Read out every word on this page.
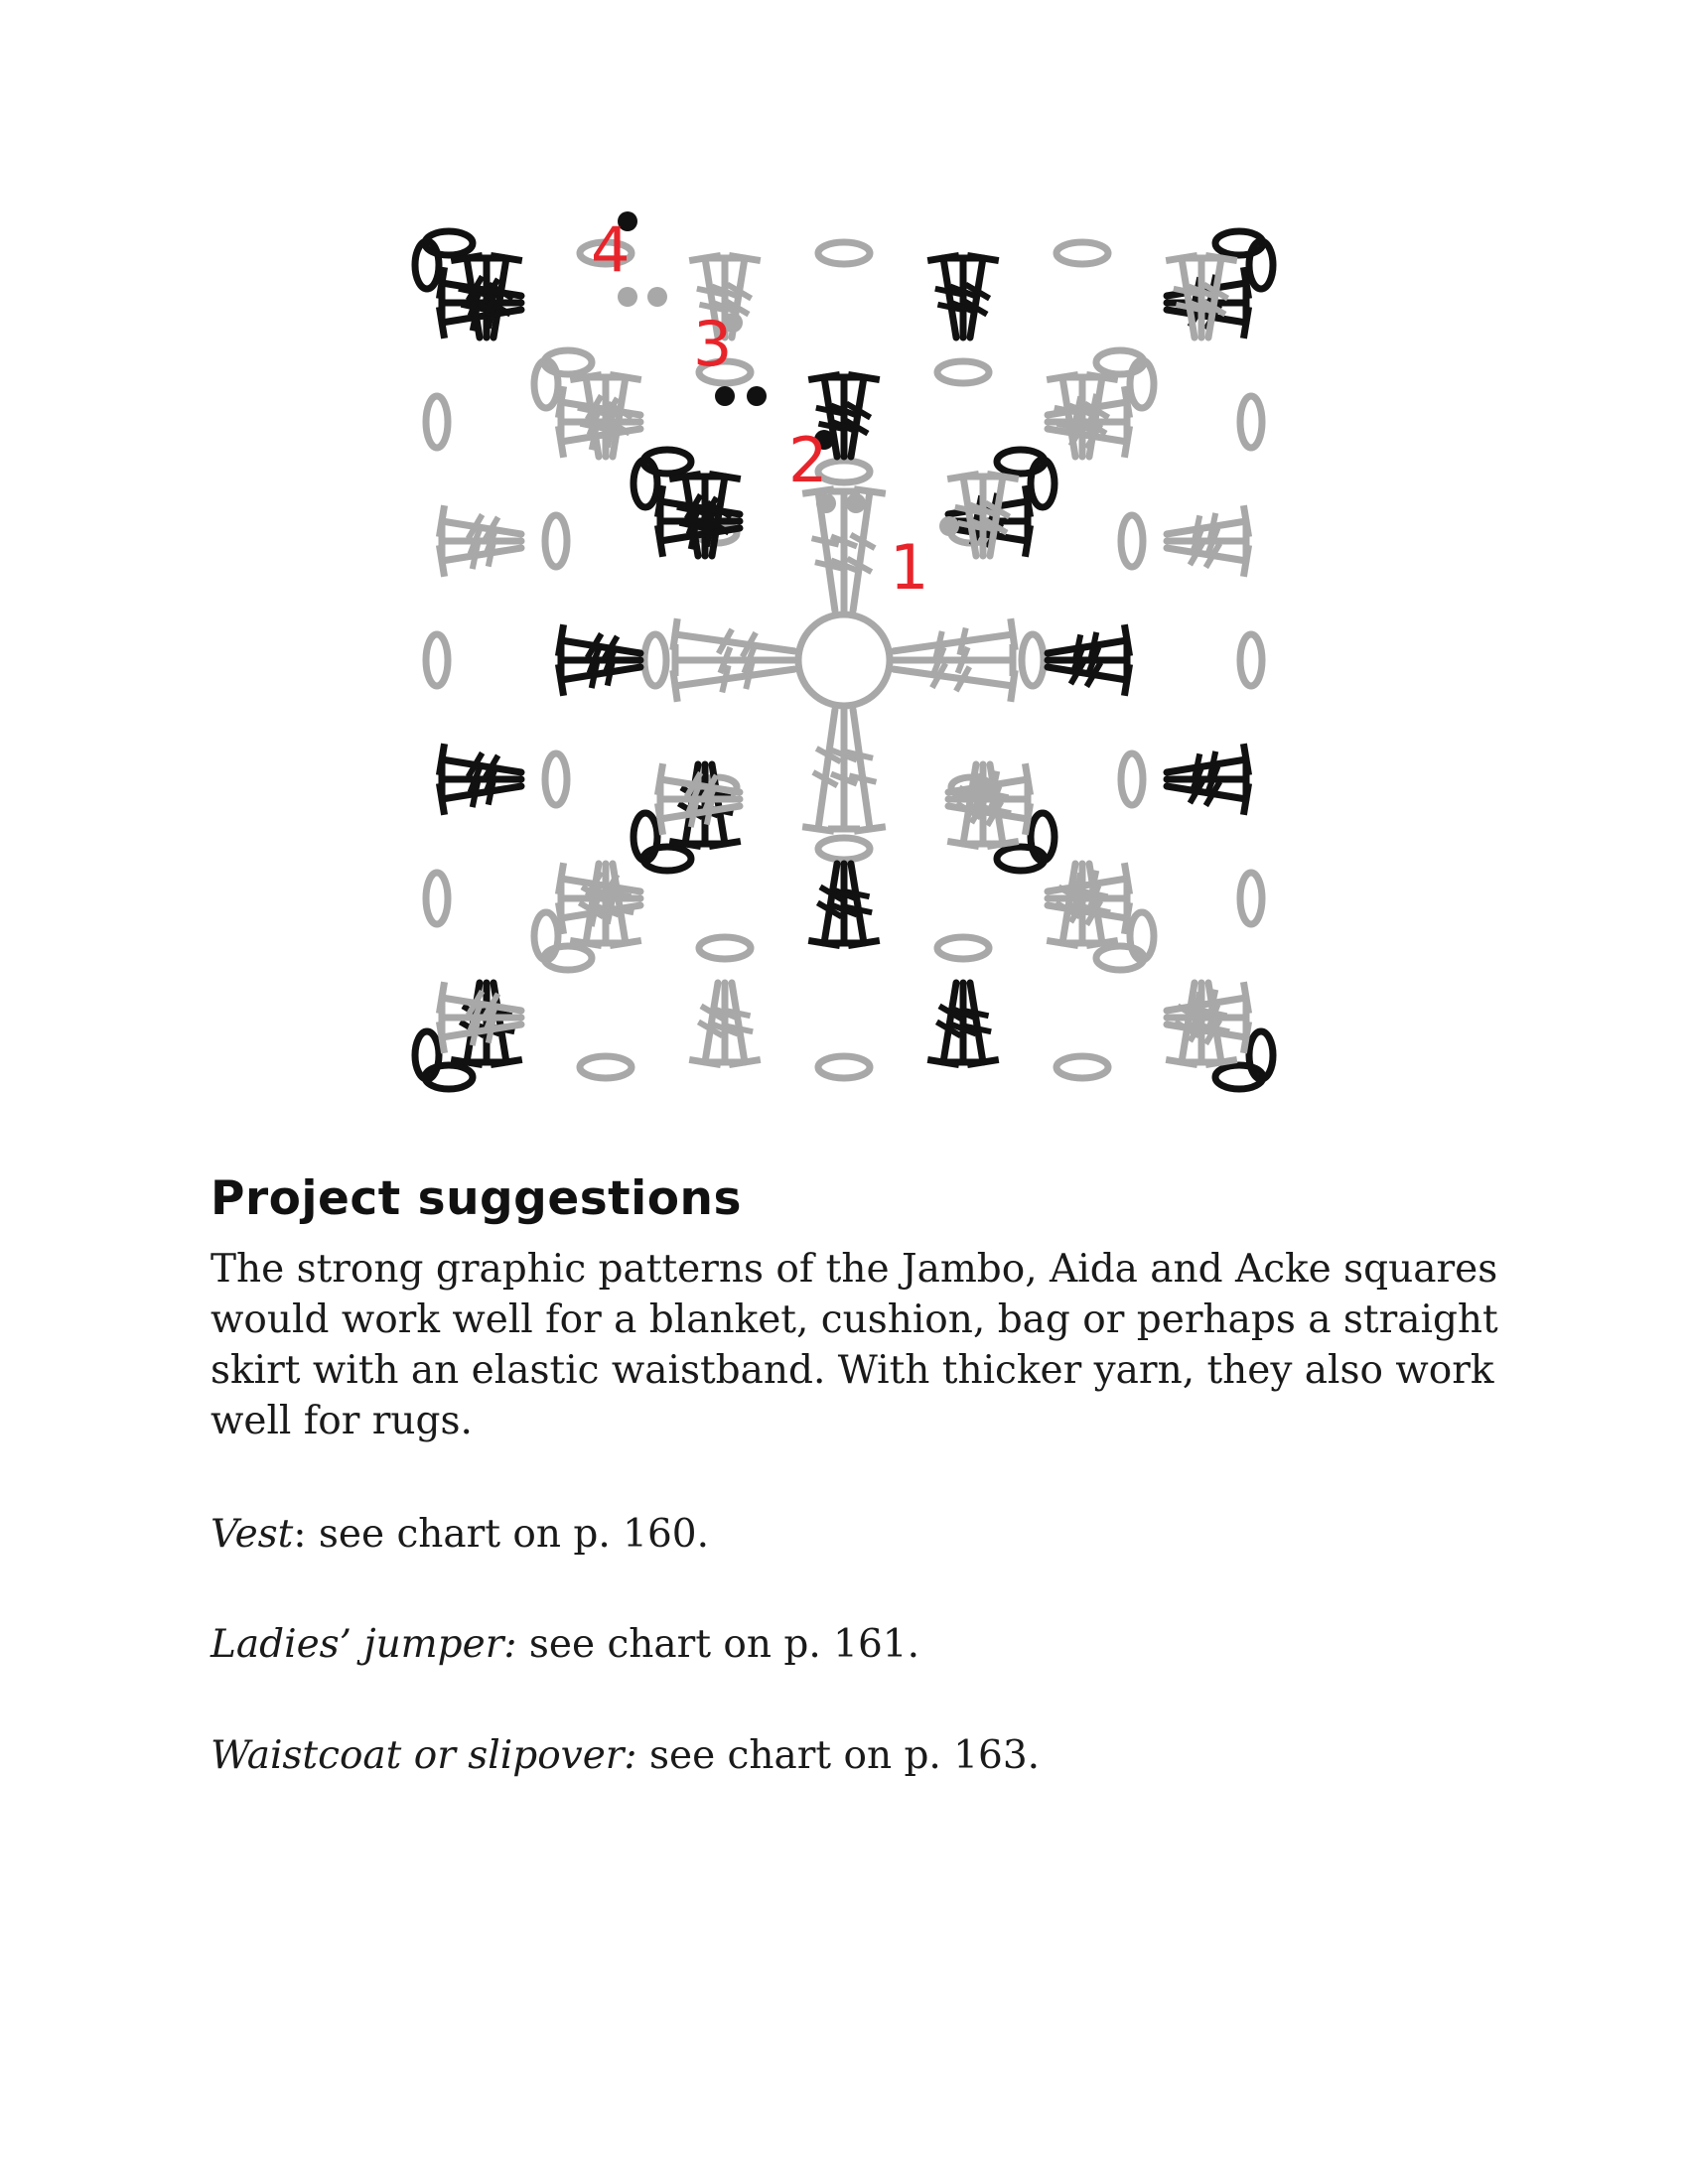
4
3
2
1
Project suggestions

The strong graphic patterns of the Jambo, Aida and Acke squares would work well for a blanket, cushion, bag or perhaps a straight skirt with an elastic waistband. With thicker yarn, they also work well for rugs.

Vest: see chart on p. 160.

Ladies’ jumper: see chart on p. 161.

Waistcoat or slipover: see chart on p. 163.
